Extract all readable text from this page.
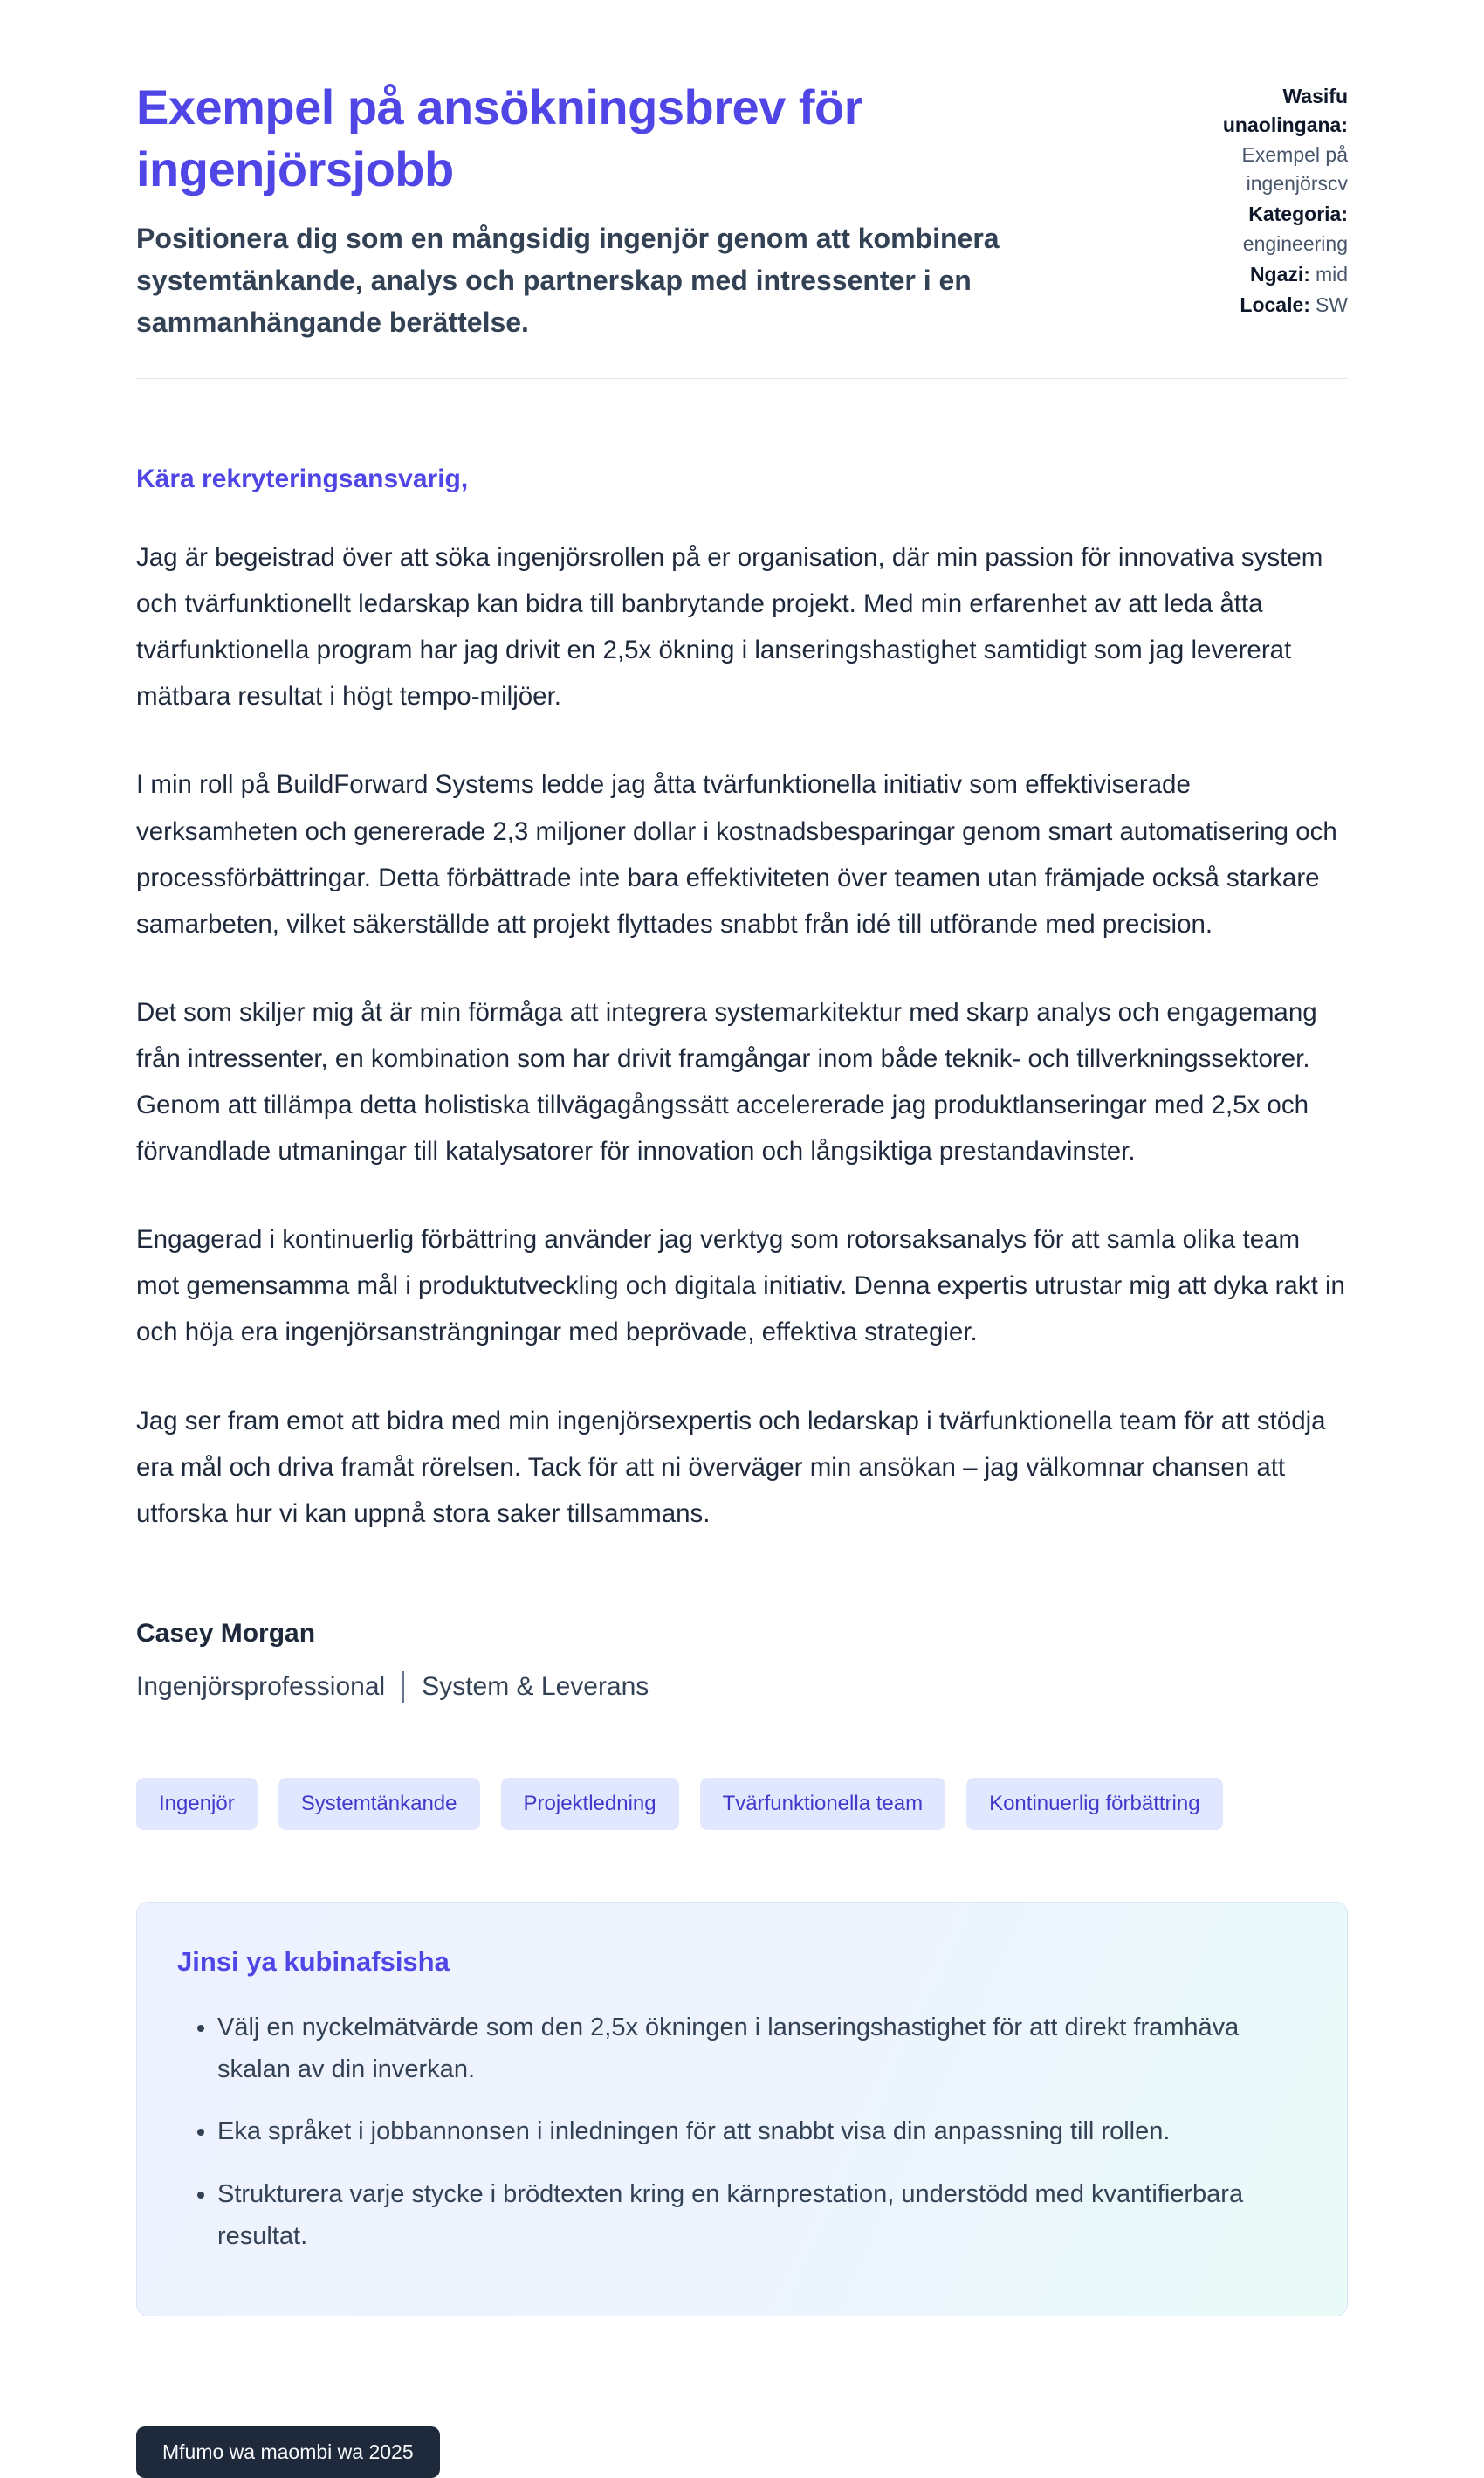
Exempel på ansökningsbrev för ingenjörsjobb

Positionera dig som en mångsidig ingenjör genom att kombinera systemtänkande, analys och partnerskap med intressenter i en sammanhängande berättelse.

Wasifu unaolingana: Exempel på ingenjörscv
Kategoria: engineering
Ngazi: mid
Locale: SW

Kära rekryteringsansvarig,

Jag är begeistrad över att söka ingenjörsrollen på er organisation, där min passion för innovativa system och tvärfunktionellt ledarskap kan bidra till banbrytande projekt. Med min erfarenhet av att leda åtta tvärfunktionella program har jag drivit en 2,5x ökning i lanseringshastighet samtidigt som jag levererat mätbara resultat i högt tempo-miljöer.

I min roll på BuildForward Systems ledde jag åtta tvärfunktionella initiativ som effektiviserade verksamheten och genererade 2,3 miljoner dollar i kostnadsbesparingar genom smart automatisering och processförbättringar. Detta förbättrade inte bara effektiviteten över teamen utan främjade också starkare samarbeten, vilket säkerställde att projekt flyttades snabbt från idé till utförande med precision.

Det som skiljer mig åt är min förmåga att integrera systemarkitektur med skarp analys och engagemang från intressenter, en kombination som har drivit framgångar inom både teknik- och tillverkningssektorer. Genom att tillämpa detta holistiska tillvägagångssätt accelererade jag produktlanseringar med 2,5x och förvandlade utmaningar till katalysatorer för innovation och långsiktiga prestandavinster.

Engagerad i kontinuerlig förbättring använder jag verktyg som rotorsaksanalys för att samla olika team mot gemensamma mål i produktutveckling och digitala initiativ. Denna expertis utrustar mig att dyka rakt in och höja era ingenjörsansträngningar med beprövade, effektiva strategier.

Jag ser fram emot att bidra med min ingenjörsexpertis och ledarskap i tvärfunktionella team för att stödja era mål och driva framåt rörelsen. Tack för att ni överväger min ansökan – jag välkomnar chansen att utforska hur vi kan uppnå stora saker tillsammans.

Casey Morgan

Ingenjörsprofessional System & Leverans
Ingenjör	Systemtänkande	Projektledning	Tvärfunktionella team	Kontinuerlig förbättring
Jinsi ya kubinafsisha
• Välj en nyckelmätvärde som den 2,5x ökningen i lanseringshastighet för att direkt framhäva skalan av din inverkan.
• Eka språket i jobbannonsen i inledningen för att snabbt visa din anpassning till rollen.
• Strukturera varje stycke i brödtexten kring en kärnprestation, understödd med kvantifierbara resultat.
Mfumo wa maombi wa 2025
